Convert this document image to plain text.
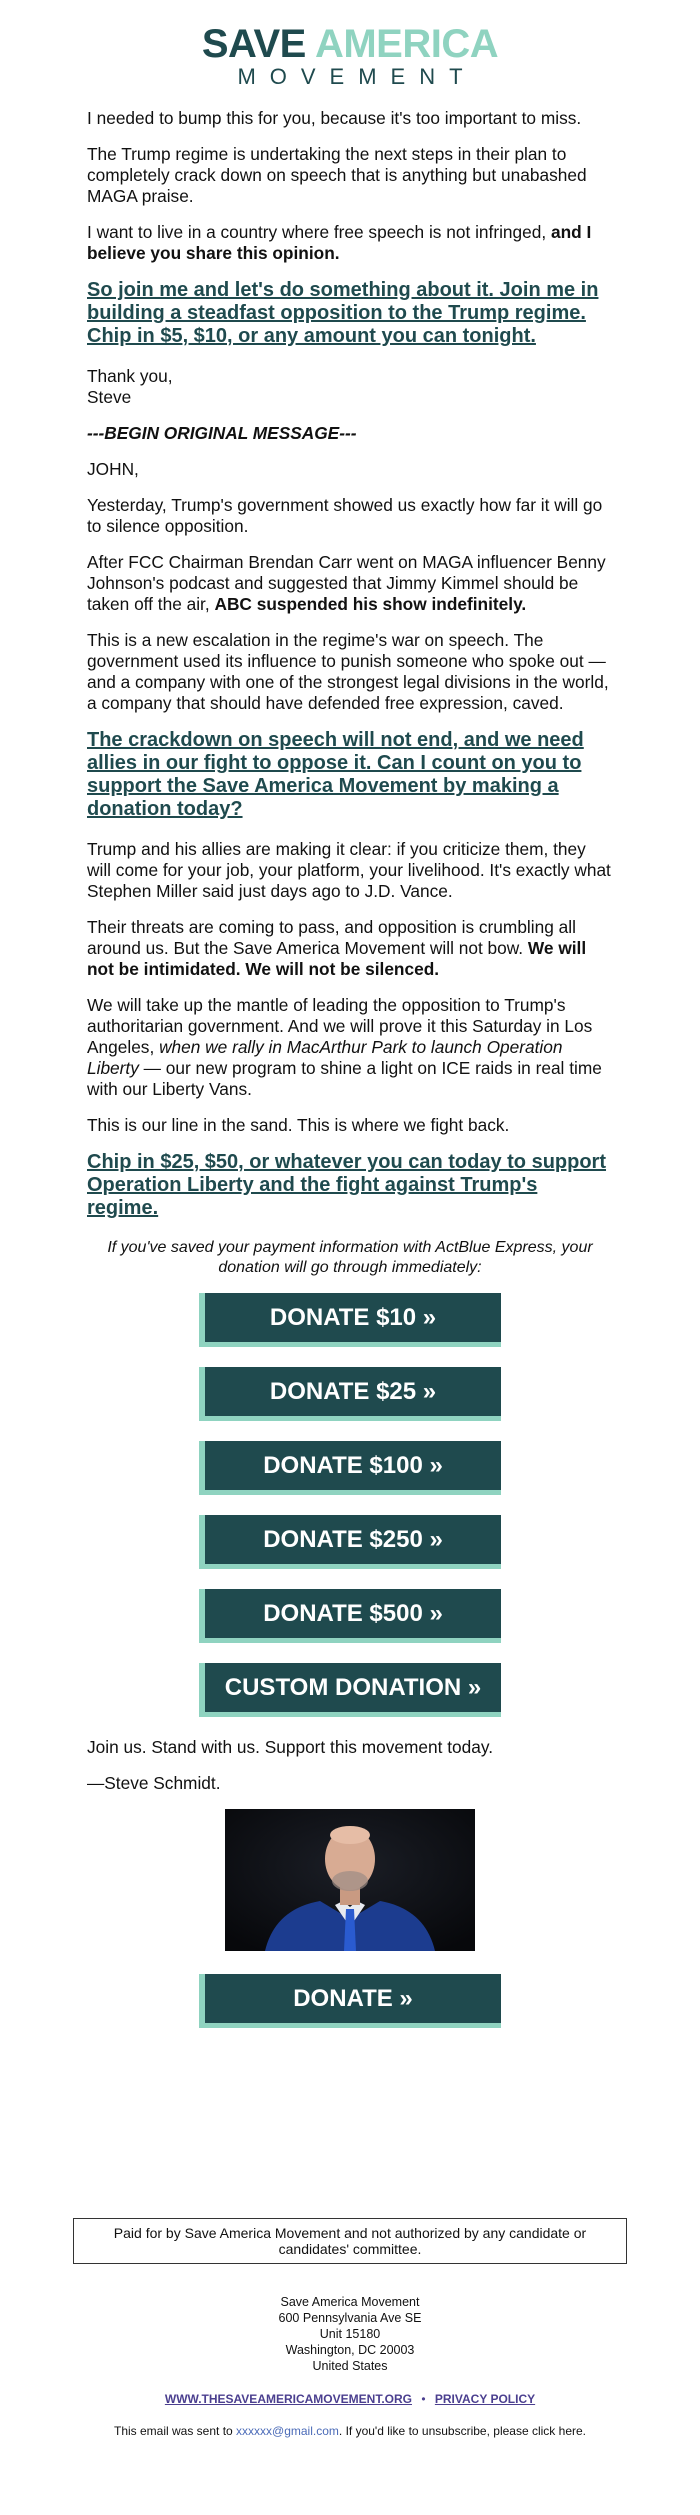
SAVE AMERICA
MOVEMENT

I needed to bump this for you, because it's too important to miss.

The Trump regime is undertaking the next steps in their plan to completely crack down on speech that is anything but unabashed MAGA praise.

I want to live in a country where free speech is not infringed, and I believe you share this opinion.

So join me and let's do something about it. Join me in building a steadfast opposition to the Trump regime. Chip in $5, $10, or any amount you can tonight.

Thank you,
Steve

---BEGIN ORIGINAL MESSAGE---

JOHN,

Yesterday, Trump's government showed us exactly how far it will go to silence opposition.

After FCC Chairman Brendan Carr went on MAGA influencer Benny Johnson's podcast and suggested that Jimmy Kimmel should be taken off the air, ABC suspended his show indefinitely.

This is a new escalation in the regime's war on speech. The government used its influence to punish someone who spoke out — and a company with one of the strongest legal divisions in the world, a company that should have defended free expression, caved.

The crackdown on speech will not end, and we need allies in our fight to oppose it. Can I count on you to support the Save America Movement by making a donation today?

Trump and his allies are making it clear: if you criticize them, they will come for your job, your platform, your livelihood. It's exactly what Stephen Miller said just days ago to J.D. Vance.

Their threats are coming to pass, and opposition is crumbling all around us. But the Save America Movement will not bow. We will not be intimidated. We will not be silenced.

We will take up the mantle of leading the opposition to Trump's authoritarian government. And we will prove it this Saturday in Los Angeles, when we rally in MacArthur Park to launch Operation Liberty — our new program to shine a light on ICE raids in real time with our Liberty Vans.

This is our line in the sand. This is where we fight back.

Chip in $25, $50, or whatever you can today to support Operation Liberty and the fight against Trump's regime.

If you've saved your payment information with ActBlue Express, your donation will go through immediately:

DONATE $10 »
DONATE $25 »
DONATE $100 »
DONATE $250 »
DONATE $500 »
CUSTOM DONATION »

Join us. Stand with us. Support this movement today.

—Steve Schmidt.

DONATE »
Paid for by Save America Movement and not authorized by any candidate or candidates' committee.
Save America Movement
600 Pennsylvania Ave SE
Unit 15180
Washington, DC 20003
United States
WWW.THESAVEAMERICAMOVEMENT.ORG • PRIVACY POLICY
This email was sent to xxxxxx@gmail.com. If you'd like to unsubscribe, please click here.
